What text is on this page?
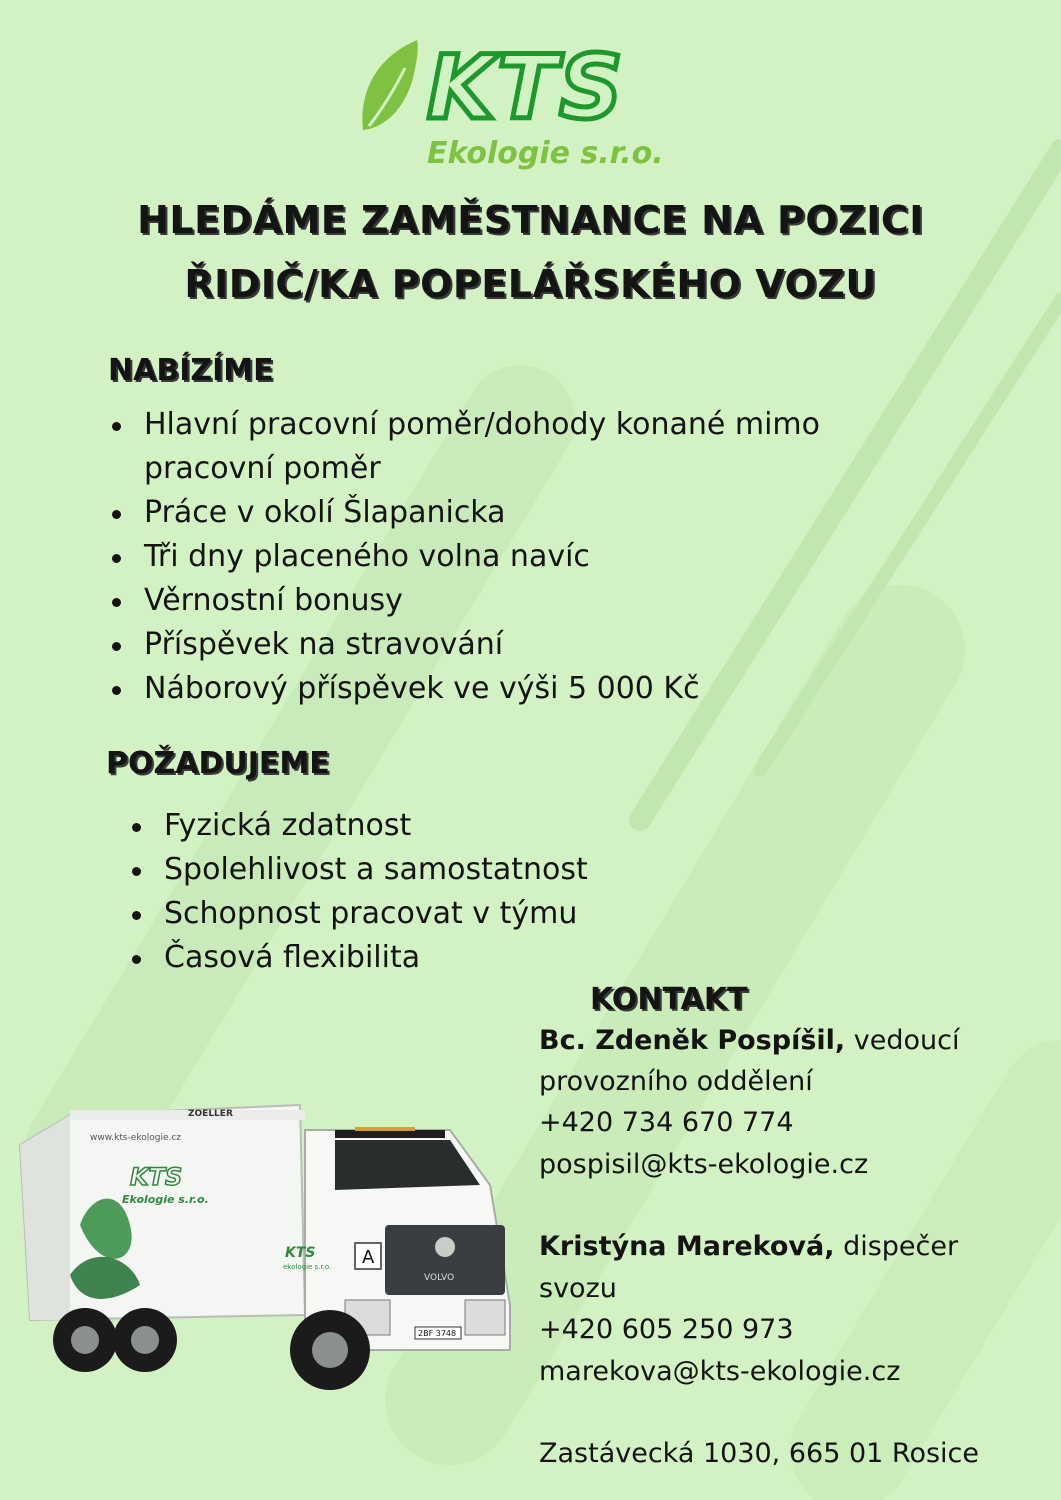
KTS
Ekologie s.r.o.
HLEDÁME ZAMĚSTNANCE NA POZICI
ŘIDIČ/KA POPELÁŘSKÉHO VOZU
NABÍZÍME
Hlavní pracovní poměr/dohody konané mimo pracovní poměr
Práce v okolí Šlapanicka
Tři dny placeného volna navíc
Věrnostní bonusy
Příspěvek na stravování
Náborový příspěvek ve výši 5 000 Kč
POŽADUJEME
Fyzická zdatnost
Spolehlivost a samostatnost
Schopnost pracovat v týmu
Časová flexibilita
KONTAKT
Bc. Zdeněk Pospíšil, vedoucí
provozního oddělení
+420 734 670 774
pospisil@kts-ekologie.cz
Kristýna Mareková, dispečer
svozu
+420 605 250 973
marekova@kts-ekologie.cz
Zastávecká 1030, 665 01 Rosice
ZOELLER
www.kts-ekologie.cz
KTS
Ekologie s.r.o.
A
KTS
ekologie s.r.o.
VOLVO
2BF 3748
